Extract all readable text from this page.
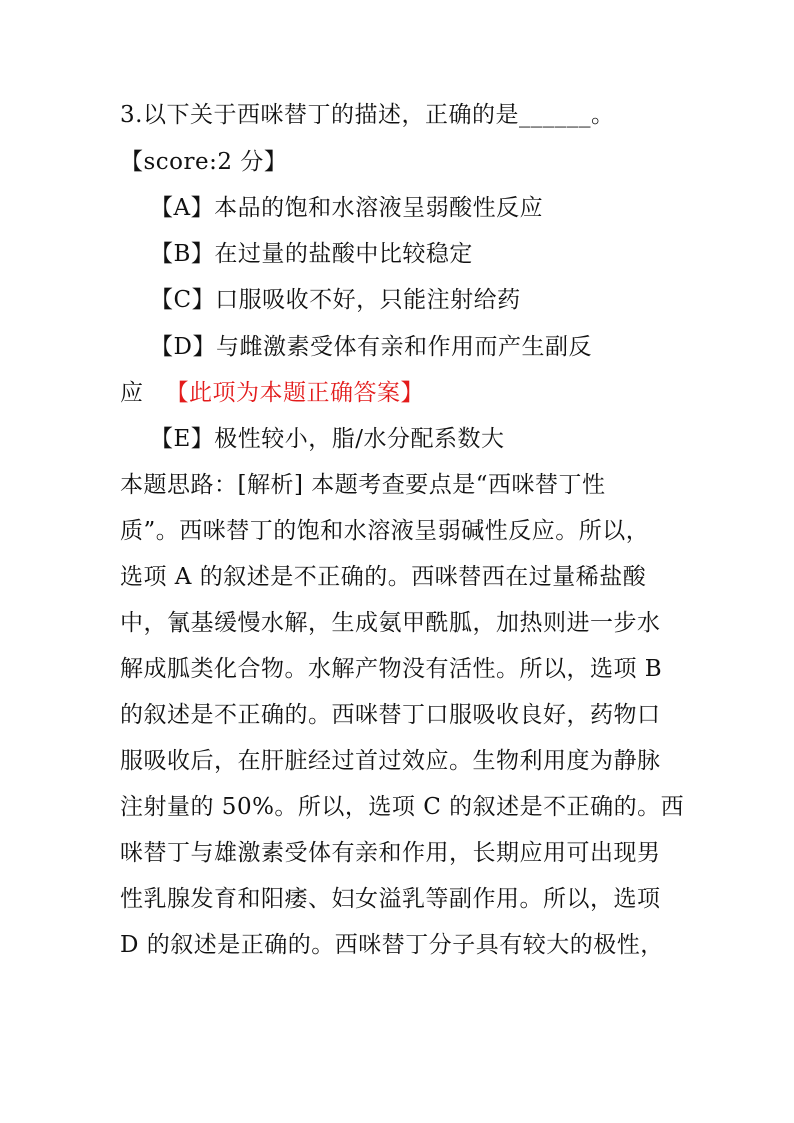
3.以下关于西咪替丁的描述，正确的是______。
【score:2 分】
【A】本品的饱和水溶液呈弱酸性反应
【B】在过量的盐酸中比较稳定
【C】口服吸收不好，只能注射给药
【D】与雌激素受体有亲和作用而产生副反
应 【此项为本题正确答案】
【E】极性较小，脂/水分配系数大
本题思路：[解析] 本题考查要点是“西咪替丁性
质”。西咪替丁的饱和水溶液呈弱碱性反应。所以，
选项 A 的叙述是不正确的。西咪替西在过量稀盐酸
中，氰基缓慢水解，生成氨甲酰胍，加热则进一步水
解成胍类化合物。水解产物没有活性。所以，选项 B
的叙述是不正确的。西咪替丁口服吸收良好，药物口
服吸收后，在肝脏经过首过效应。生物利用度为静脉
注射量的 50%。所以，选项 C 的叙述是不正确的。西
咪替丁与雄激素受体有亲和作用，长期应用可出现男
性乳腺发育和阳痿、妇女溢乳等副作用。所以，选项
D 的叙述是正确的。西咪替丁分子具有较大的极性，
